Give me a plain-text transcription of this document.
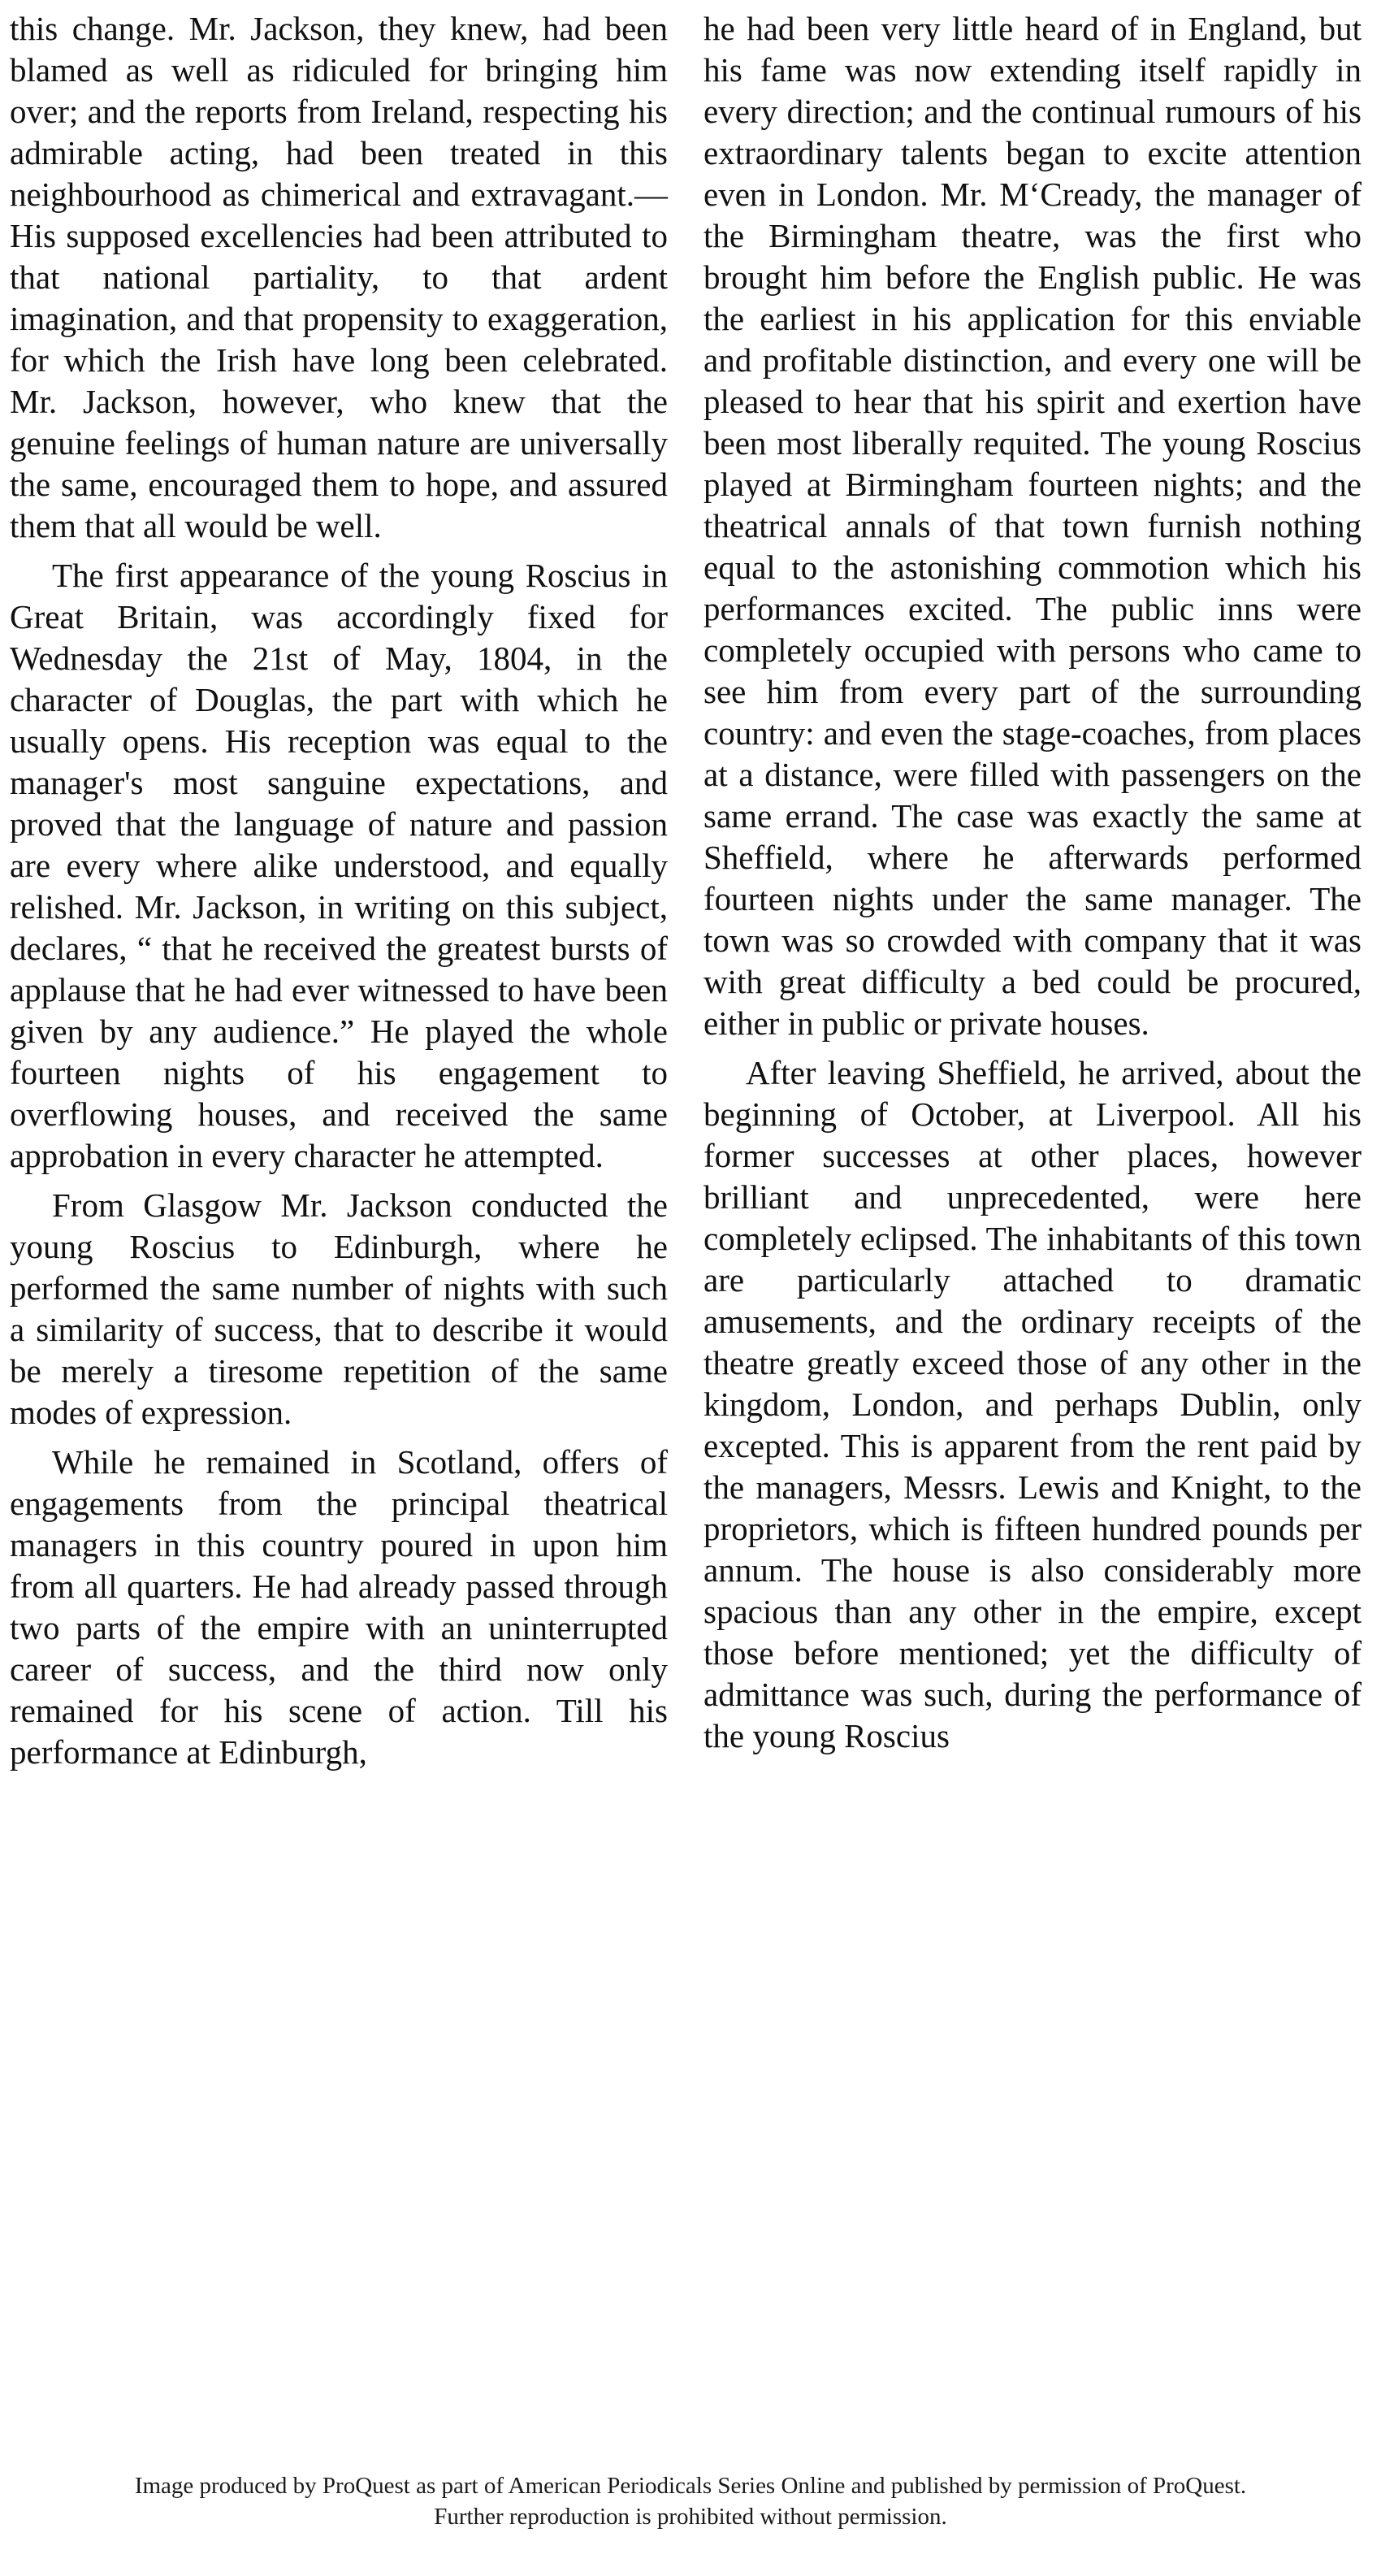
this change. Mr. Jackson, they knew, had been blamed as well as ridiculed for bringing him over; and the reports from Ireland, respecting his admirable acting, had been treated in this neighbourhood as chimerical and extravagant.— His supposed excellencies had been attributed to that national partiality, to that ardent imagination, and that propensity to exaggeration, for which the Irish have long been celebrated. Mr. Jackson, however, who knew that the genuine feelings of human nature are universally the same, encouraged them to hope, and assured them that all would be well.

The first appearance of the young Roscius in Great Britain, was accordingly fixed for Wednesday the 21st of May, 1804, in the character of Douglas, the part with which he usually opens. His reception was equal to the manager's most sanguine expectations, and proved that the language of nature and passion are every where alike understood, and equally relished. Mr. Jackson, in writing on this subject, declares, “ that he received the greatest bursts of applause that he had ever witnessed to have been given by any audience.” He played the whole fourteen nights of his engagement to overflowing houses, and received the same approbation in every character he attempted.

From Glasgow Mr. Jackson conducted the young Roscius to Edinburgh, where he performed the same number of nights with such a similarity of success, that to describe it would be merely a tiresome repetition of the same modes of expression.

While he remained in Scotland, offers of engagements from the principal theatrical managers in this country poured in upon him from all quarters. He had already passed through two parts of the empire with an uninterrupted career of success, and the third now only remained for his scene of action. Till his performance at Edinburgh,

he had been very little heard of in England, but his fame was now extending itself rapidly in every direction; and the continual rumours of his extraordinary talents began to excite attention even in London. Mr. M‘Cready, the manager of the Birmingham theatre, was the first who brought him before the English public. He was the earliest in his application for this enviable and profitable distinction, and every one will be pleased to hear that his spirit and exertion have been most liberally requited. The young Roscius played at Birmingham fourteen nights; and the theatrical annals of that town furnish nothing equal to the astonishing commotion which his performances excited. The public inns were completely occupied with persons who came to see him from every part of the surrounding country: and even the stage-coaches, from places at a distance, were filled with passengers on the same errand. The case was exactly the same at Sheffield, where he afterwards performed fourteen nights under the same manager. The town was so crowded with company that it was with great difficulty a bed could be procured, either in public or private houses.

After leaving Sheffield, he arrived, about the beginning of October, at Liverpool. All his former successes at other places, however brilliant and unprecedented, were here completely eclipsed. The inhabitants of this town are particularly attached to dramatic amusements, and the ordinary receipts of the theatre greatly exceed those of any other in the kingdom, London, and perhaps Dublin, only excepted. This is apparent from the rent paid by the managers, Messrs. Lewis and Knight, to the proprietors, which is fifteen hundred pounds per annum. The house is also considerably more spacious than any other in the empire, except those before mentioned; yet the difficulty of admittance was such, during the performance of the young Roscius

Image produced by ProQuest as part of American Periodicals Series Online and published by permission of ProQuest.
Further reproduction is prohibited without permission.
